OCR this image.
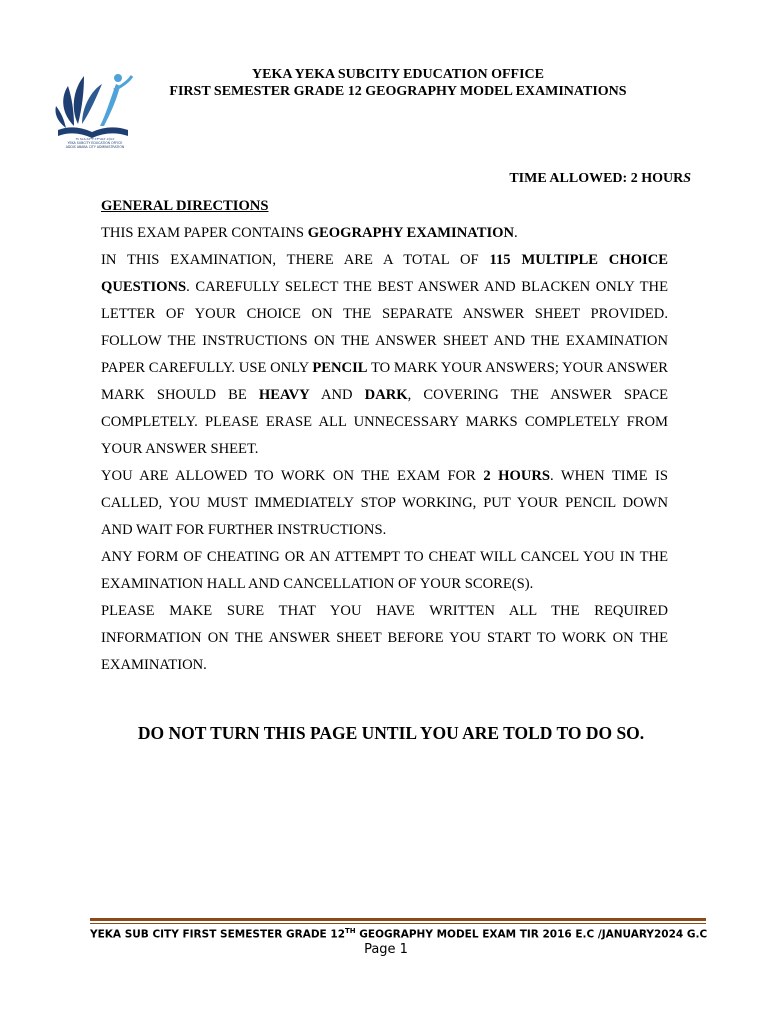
የካ ክፍለ ከተማ ትምህርት ጽ/ቤት
YEKA SUBCITY EDUCATION OFFICE
ADDIS ABABA CITY ADMINISTRATION
YEKA YEKA SUBCITY EDUCATION OFFICE
FIRST SEMESTER GRADE 12 GEOGRAPHY MODEL EXAMINATIONS
TIME ALLOWED: 2 HOURS
GENERAL DIRECTIONS

THIS EXAM PAPER CONTAINS GEOGRAPHY EXAMINATION.

IN THIS EXAMINATION, THERE ARE A TOTAL OF 115 MULTIPLE CHOICE QUESTIONS. CAREFULLY SELECT THE BEST ANSWER AND BLACKEN ONLY THE LETTER OF YOUR CHOICE ON THE SEPARATE ANSWER SHEET PROVIDED. FOLLOW THE INSTRUCTIONS ON THE ANSWER SHEET AND THE EXAMINATION PAPER CAREFULLY. USE ONLY PENCIL TO MARK YOUR ANSWERS; YOUR ANSWER MARK SHOULD BE HEAVY AND DARK, COVERING THE ANSWER SPACE COMPLETELY. PLEASE ERASE ALL UNNECESSARY MARKS COMPLETELY FROM YOUR ANSWER SHEET.

YOU ARE ALLOWED TO WORK ON THE EXAM FOR 2 HOURS. WHEN TIME IS CALLED, YOU MUST IMMEDIATELY STOP WORKING, PUT YOUR PENCIL DOWN AND WAIT FOR FURTHER INSTRUCTIONS.

ANY FORM OF CHEATING OR AN ATTEMPT TO CHEAT WILL CANCEL YOU IN THE EXAMINATION HALL AND CANCELLATION OF YOUR SCORE(S).

PLEASE MAKE SURE THAT YOU HAVE WRITTEN ALL THE REQUIRED INFORMATION ON THE ANSWER SHEET BEFORE YOU START TO WORK ON THE EXAMINATION.

DO NOT TURN THIS PAGE UNTIL YOU ARE TOLD TO DO SO.
YEKA SUB CITY FIRST SEMESTER GRADE 12TH GEOGRAPHY MODEL EXAM TIR 2016 E.C /JANUARY2024 G.C
Page 1
